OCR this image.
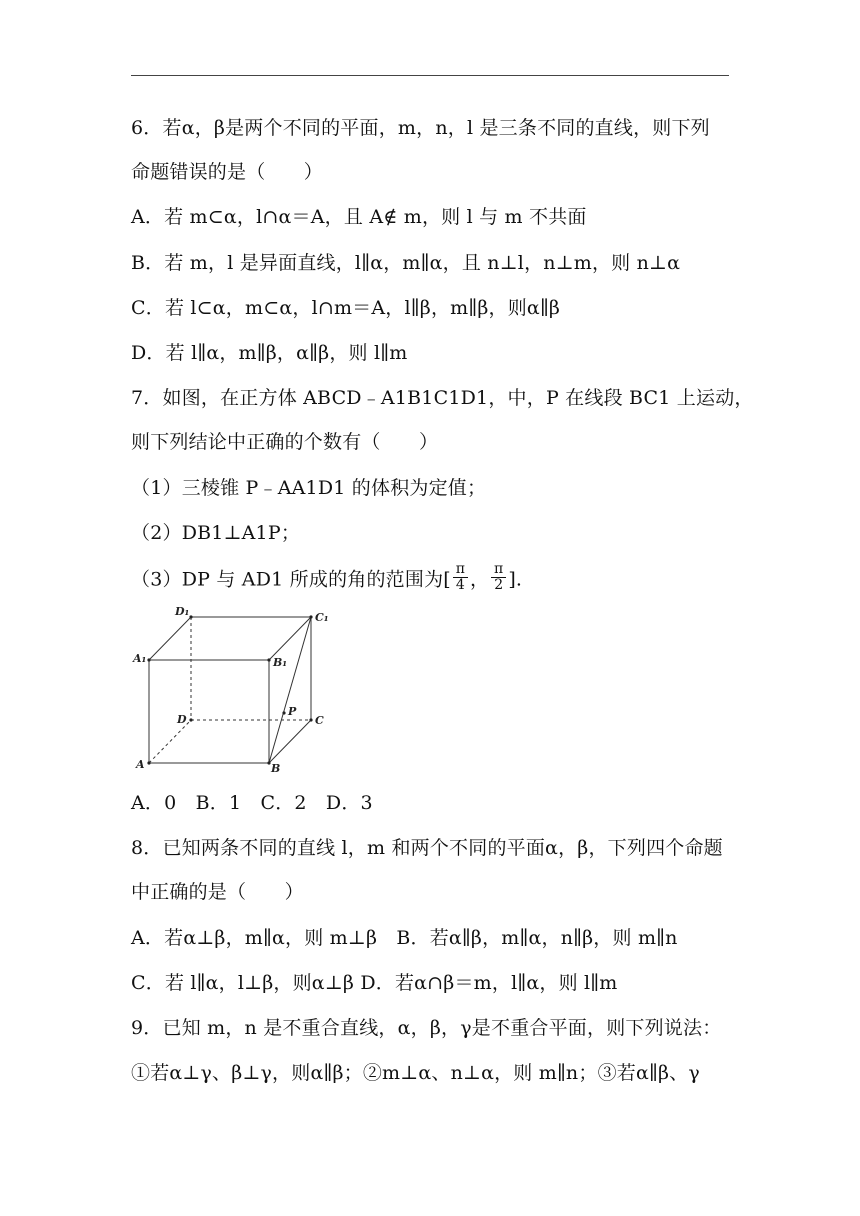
6．若α，β是两个不同的平面，m，n，l 是三条不同的直线，则下列
命题错误的是（　　）
A．若 m⊂α，l∩α＝A，且 A∉ m，则 l 与 m 不共面
B．若 m，l 是异面直线，l∥α，m∥α，且 n⊥l，n⊥m，则 n⊥α
C．若 l⊂α，m⊂α，l∩m＝A，l∥β，m∥β，则α∥β
D．若 l∥α，m∥β，α∥β，则 l∥m
7．如图，在正方体 ABCD﹣A1B1C1D1，中，P 在线段 BC1 上运动，
则下列结论中正确的个数有（　　）
（1）三棱锥 P﹣AA1D1 的体积为定值；
（2）DB1⊥A1P；
（3）DP 与 AD1 所成的角的范围为[ $\frac{\pi}{4}$ ， $\frac{\pi}{2}$ ].
D₁	C₁
A₁	B₁
D
P
C
A	B
A．0　B．1　C．2　D．3
8．已知两条不同的直线 l，m 和两个不同的平面α，β，下列四个命题
中正确的是（　　）
A．若α⊥β，m∥α，则 m⊥β　B．若α∥β，m∥α，n∥β，则 m∥n
C．若 l∥α，l⊥β，则α⊥β D．若α∩β＝m，l∥α，则 l∥m
9．已知 m，n 是不重合直线，α，β，γ是不重合平面，则下列说法：
①若α⊥γ、β⊥γ，则α∥β；②m⊥α、n⊥α，则 m∥n；③若α∥β、γ
